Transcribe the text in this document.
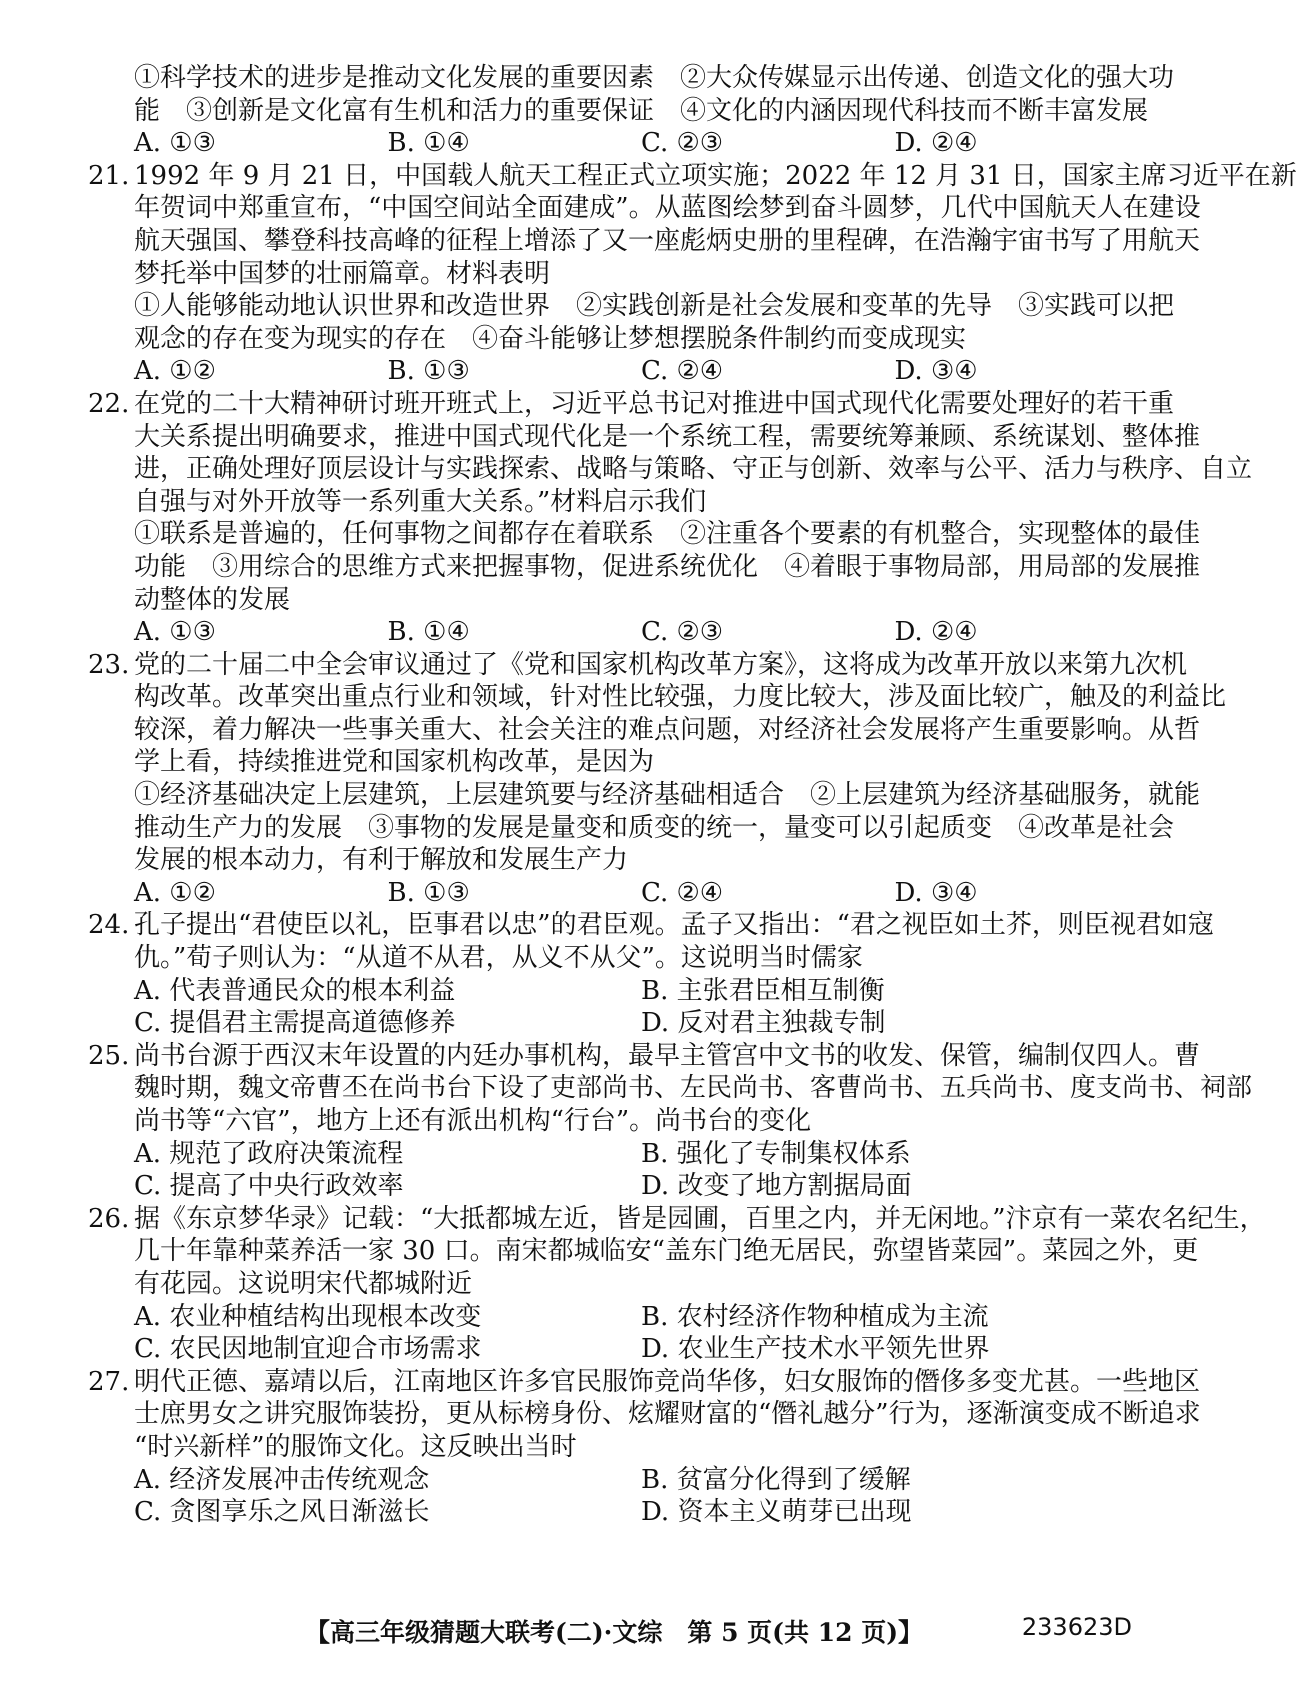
①科学技术的进步是推动文化发展的重要因素　②大众传媒显示出传递、创造文化的强大功
能　③创新是文化富有生机和活力的重要保证　④文化的内涵因现代科技而不断丰富发展
A. ①③	B. ①④	C. ②③	D. ②④
21. 1992 年 9 月 21 日，中国载人航天工程正式立项实施；2022 年 12 月 31 日，国家主席习近平在新
年贺词中郑重宣布，“中国空间站全面建成”。从蓝图绘梦到奋斗圆梦，几代中国航天人在建设
航天强国、攀登科技高峰的征程上增添了又一座彪炳史册的里程碑，在浩瀚宇宙书写了用航天
梦托举中国梦的壮丽篇章。材料表明
①人能够能动地认识世界和改造世界　②实践创新是社会发展和变革的先导　③实践可以把
观念的存在变为现实的存在　④奋斗能够让梦想摆脱条件制约而变成现实
A. ①②	B. ①③	C. ②④	D. ③④
22. 在党的二十大精神研讨班开班式上，习近平总书记对推进中国式现代化需要处理好的若干重
大关系提出明确要求，推进中国式现代化是一个系统工程，需要统筹兼顾、系统谋划、整体推
进，正确处理好顶层设计与实践探索、战略与策略、守正与创新、效率与公平、活力与秩序、自立
自强与对外开放等一系列重大关系。”材料启示我们
①联系是普遍的，任何事物之间都存在着联系　②注重各个要素的有机整合，实现整体的最佳
功能　③用综合的思维方式来把握事物，促进系统优化　④着眼于事物局部，用局部的发展推
动整体的发展
A. ①③	B. ①④	C. ②③	D. ②④
23. 党的二十届二中全会审议通过了《党和国家机构改革方案》，这将成为改革开放以来第九次机
构改革。改革突出重点行业和领域，针对性比较强，力度比较大，涉及面比较广，触及的利益比
较深，着力解决一些事关重大、社会关注的难点问题，对经济社会发展将产生重要影响。从哲
学上看，持续推进党和国家机构改革，是因为
①经济基础决定上层建筑，上层建筑要与经济基础相适合　②上层建筑为经济基础服务，就能
推动生产力的发展　③事物的发展是量变和质变的统一，量变可以引起质变　④改革是社会
发展的根本动力，有利于解放和发展生产力
A. ①②	B. ①③	C. ②④	D. ③④
24. 孔子提出“君使臣以礼，臣事君以忠”的君臣观。孟子又指出：“君之视臣如土芥，则臣视君如寇
仇。”荀子则认为：“从道不从君，从义不从父”。这说明当时儒家
A. 代表普通民众的根本利益	B. 主张君臣相互制衡
C. 提倡君主需提高道德修养	D. 反对君主独裁专制
25. 尚书台源于西汉末年设置的内廷办事机构，最早主管宫中文书的收发、保管，编制仅四人。曹
魏时期，魏文帝曹丕在尚书台下设了吏部尚书、左民尚书、客曹尚书、五兵尚书、度支尚书、祠部
尚书等“六官”，地方上还有派出机构“行台”。尚书台的变化
A. 规范了政府决策流程	B. 强化了专制集权体系
C. 提高了中央行政效率	D. 改变了地方割据局面
26. 据《东京梦华录》记载：“大抵都城左近，皆是园圃，百里之内，并无闲地。”汴京有一菜农名纪生，
几十年靠种菜养活一家 30 口。南宋都城临安“盖东门绝无居民，弥望皆菜园”。菜园之外，更
有花园。这说明宋代都城附近
A. 农业种植结构出现根本改变	B. 农村经济作物种植成为主流
C. 农民因地制宜迎合市场需求	D. 农业生产技术水平领先世界
27. 明代正德、嘉靖以后，江南地区许多官民服饰竞尚华侈，妇女服饰的僭侈多变尤甚。一些地区
士庶男女之讲究服饰装扮，更从标榜身份、炫耀财富的“僭礼越分”行为，逐渐演变成不断追求
“时兴新样”的服饰文化。这反映出当时
A. 经济发展冲击传统观念	B. 贫富分化得到了缓解
C. 贪图享乐之风日渐滋长	D. 资本主义萌芽已出现
【高三年级猜题大联考(二)·文综　第 5 页(共 12 页)】	233623D
